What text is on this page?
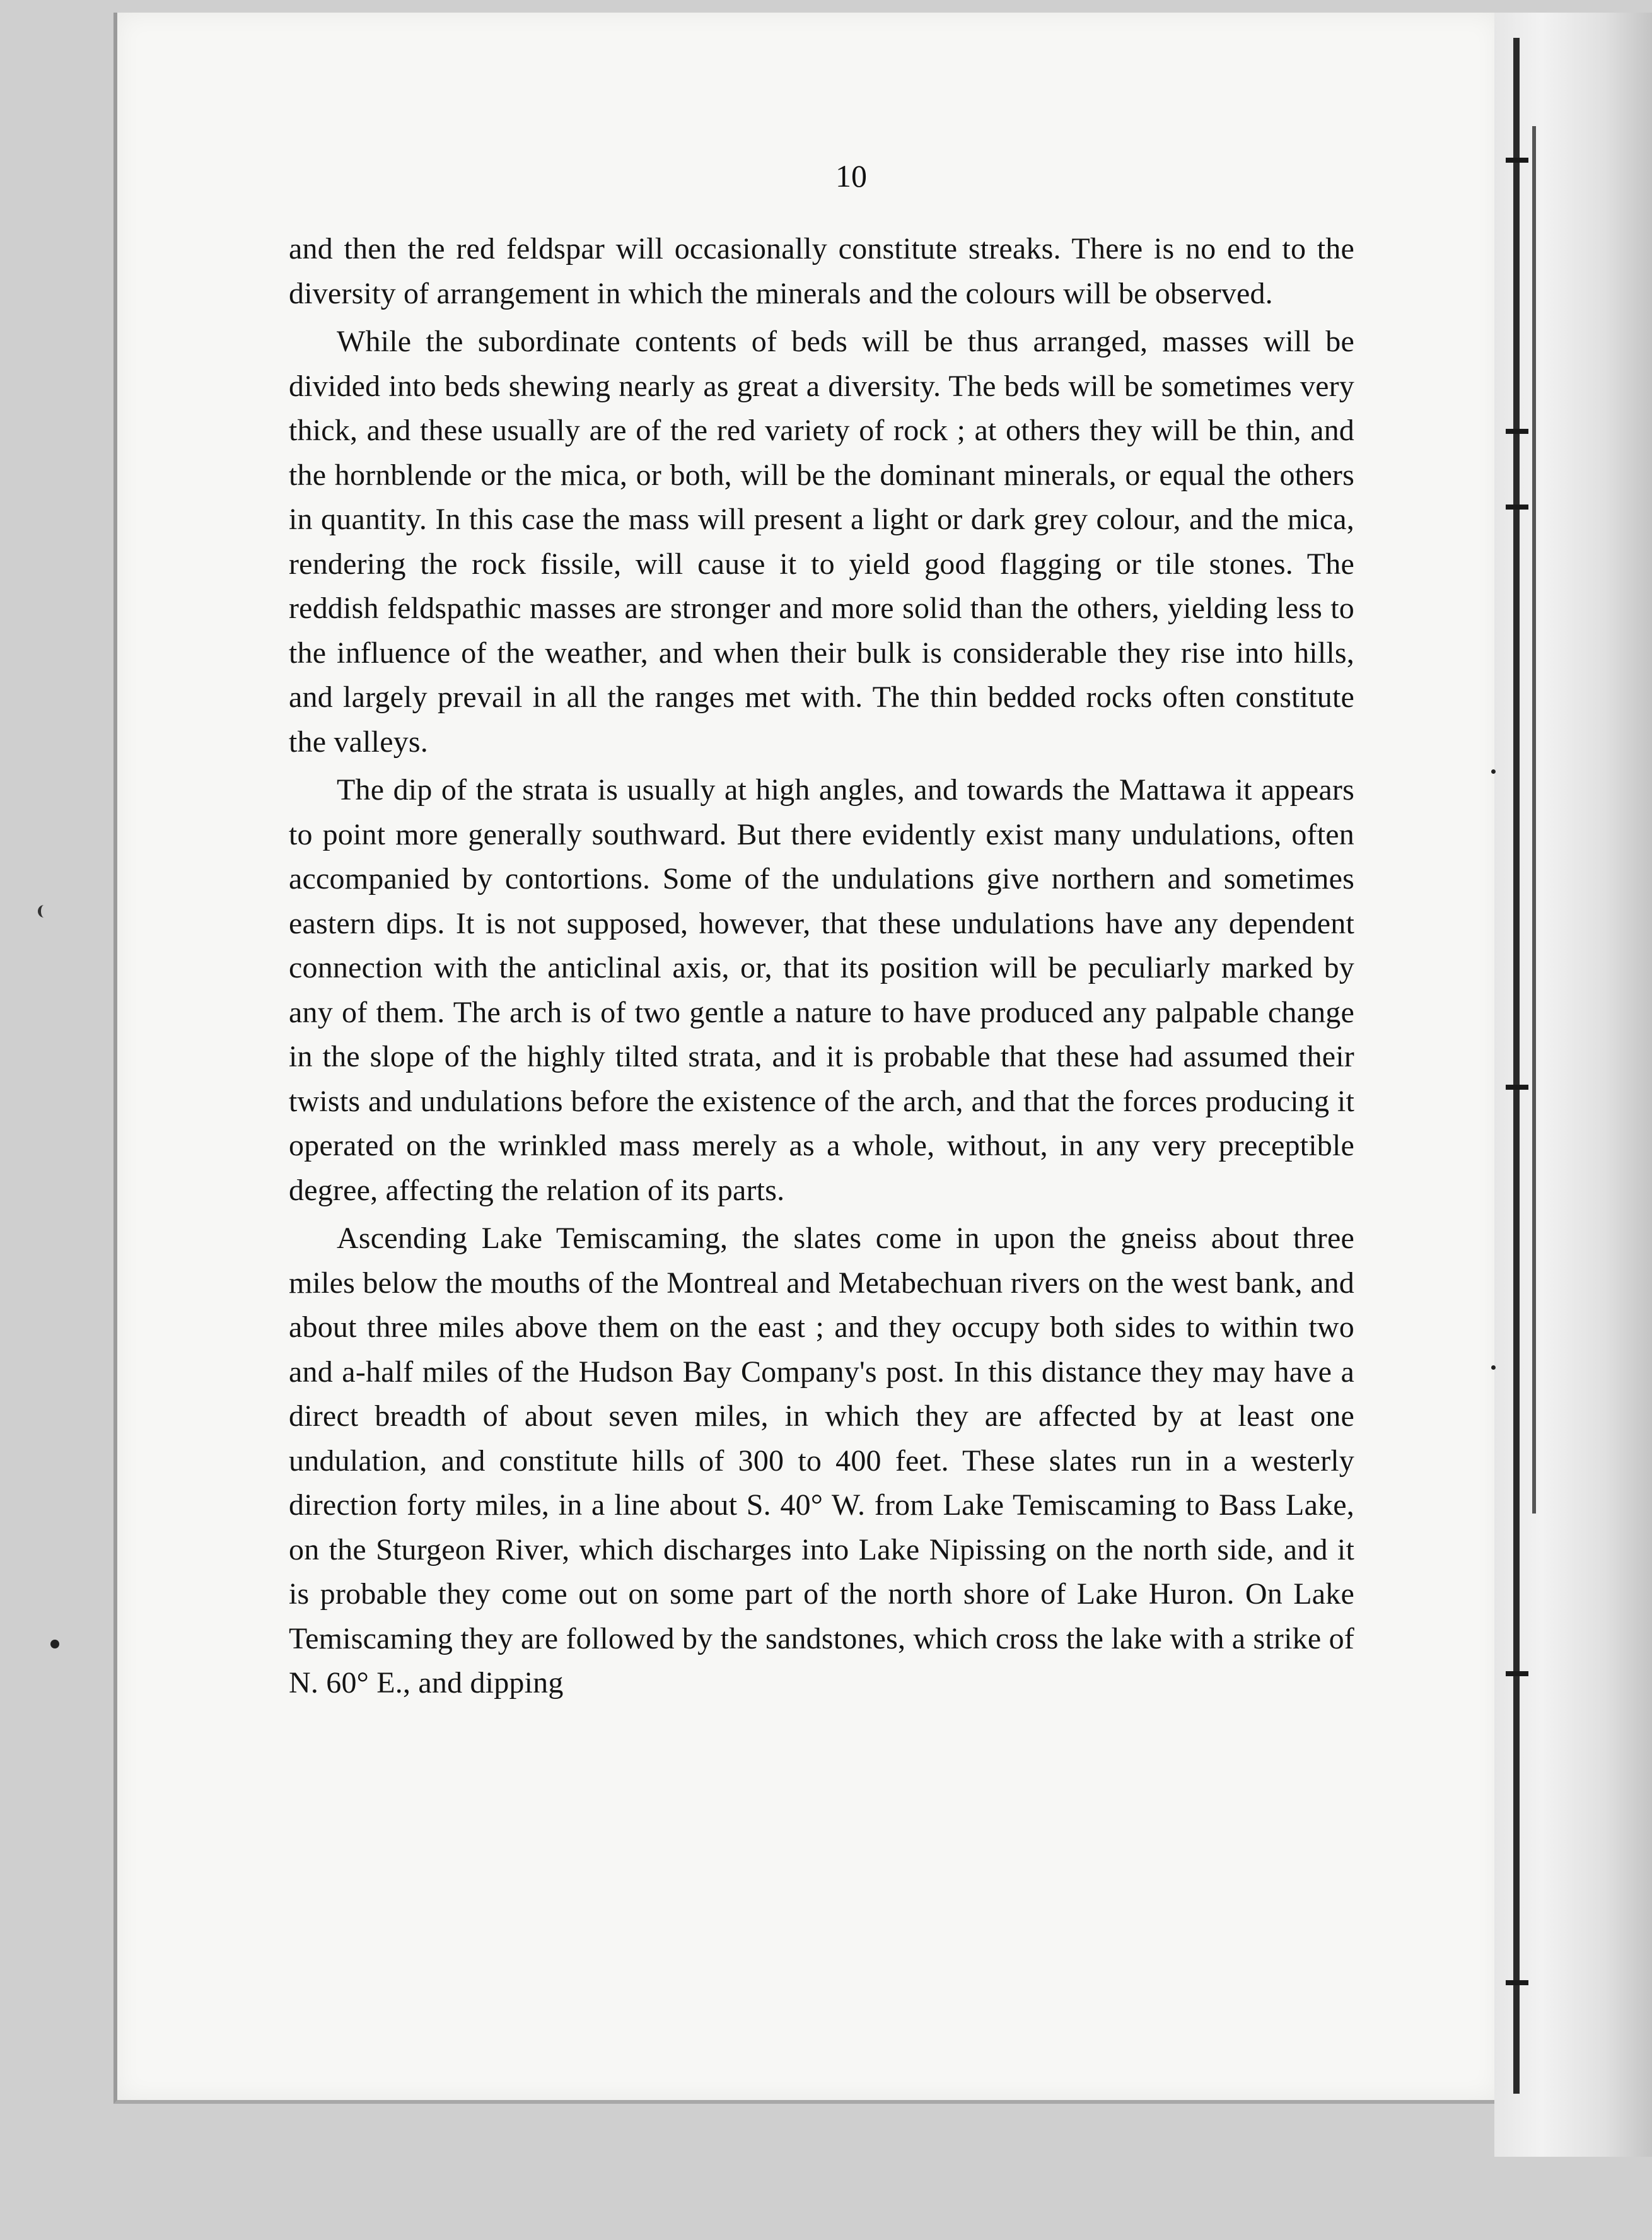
10

and then the red feldspar will occasionally constitute streaks. There is no end to the diversity of arrangement in which the minerals and the colours will be observed.

While the subordinate contents of beds will be thus arranged, masses will be divided into beds shewing nearly as great a diversity. The beds will be sometimes very thick, and these usually are of the red variety of rock ; at others they will be thin, and the hornblende or the mica, or both, will be the dominant minerals, or equal the others in quantity. In this case the mass will present a light or dark grey colour, and the mica, rendering the rock fissile, will cause it to yield good flagging or tile stones. The reddish feldspathic masses are stronger and more solid than the others, yielding less to the influence of the weather, and when their bulk is considerable they rise into hills, and largely prevail in all the ranges met with. The thin bedded rocks often constitute the valleys.

The dip of the strata is usually at high angles, and towards the Mattawa it appears to point more generally southward. But there evidently exist many undulations, often accompanied by contortions. Some of the undulations give northern and sometimes eastern dips. It is not supposed, however, that these undulations have any dependent connection with the anticlinal axis, or, that its position will be peculiarly marked by any of them. The arch is of two gentle a nature to have produced any palpable change in the slope of the highly tilted strata, and it is probable that these had assumed their twists and undulations before the existence of the arch, and that the forces producing it operated on the wrinkled mass merely as a whole, without, in any very preceptible degree, affecting the relation of its parts.

Ascending Lake Temiscaming, the slates come in upon the gneiss about three miles below the mouths of the Montreal and Metabechuan rivers on the west bank, and about three miles above them on the east ; and they occupy both sides to within two and a-half miles of the Hudson Bay Company's post. In this distance they may have a direct breadth of about seven miles, in which they are affected by at least one undulation, and constitute hills of 300 to 400 feet. These slates run in a westerly direction forty miles, in a line about S. 40° W. from Lake Temiscaming to Bass Lake, on the Sturgeon River, which discharges into Lake Nipissing on the north side, and it is probable they come out on some part of the north shore of Lake Huron. On Lake Temiscaming they are followed by the sandstones, which cross the lake with a strike of N. 60° E., and dipping
